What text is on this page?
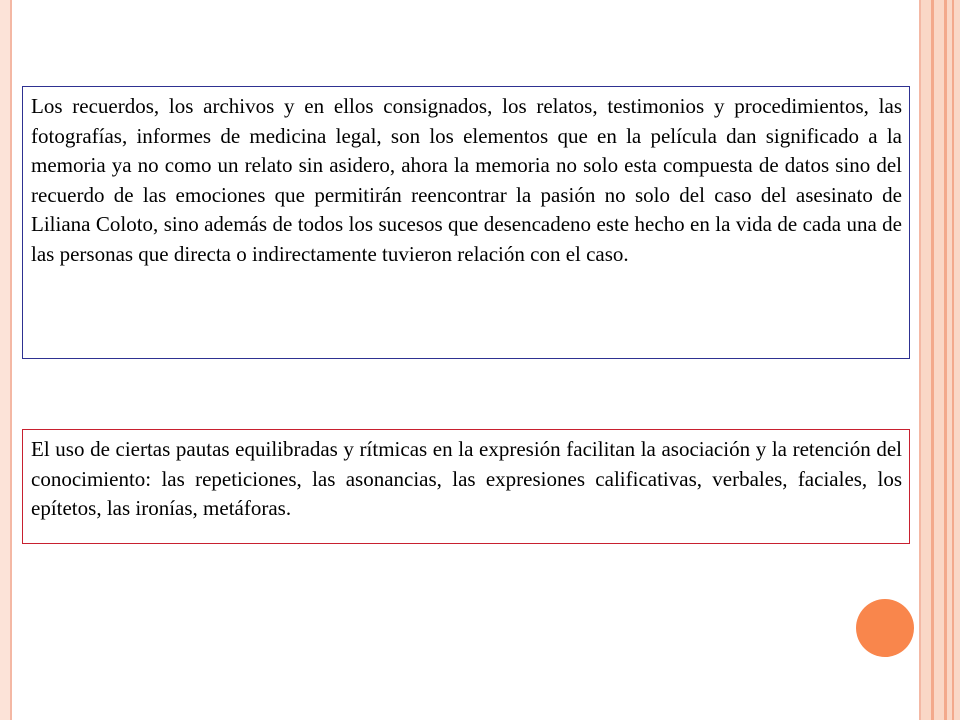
Los recuerdos, los archivos y en ellos consignados, los relatos, testimonios y procedimientos, las fotografías, informes de medicina legal, son los elementos que en la película dan significado a la memoria ya no como un relato sin asidero, ahora la memoria no solo esta compuesta de datos sino del recuerdo de las emociones que permitirán reencontrar la pasión no solo del caso del asesinato de Liliana Coloto, sino además de todos los sucesos que desencadeno este hecho en la vida de cada una de las personas que directa o indirectamente tuvieron relación con el caso.
El uso de ciertas pautas equilibradas y rítmicas en la expresión facilitan la asociación y la retención del conocimiento: las repeticiones, las asonancias, las expresiones calificativas, verbales, faciales, los epítetos, las ironías, metáforas.
